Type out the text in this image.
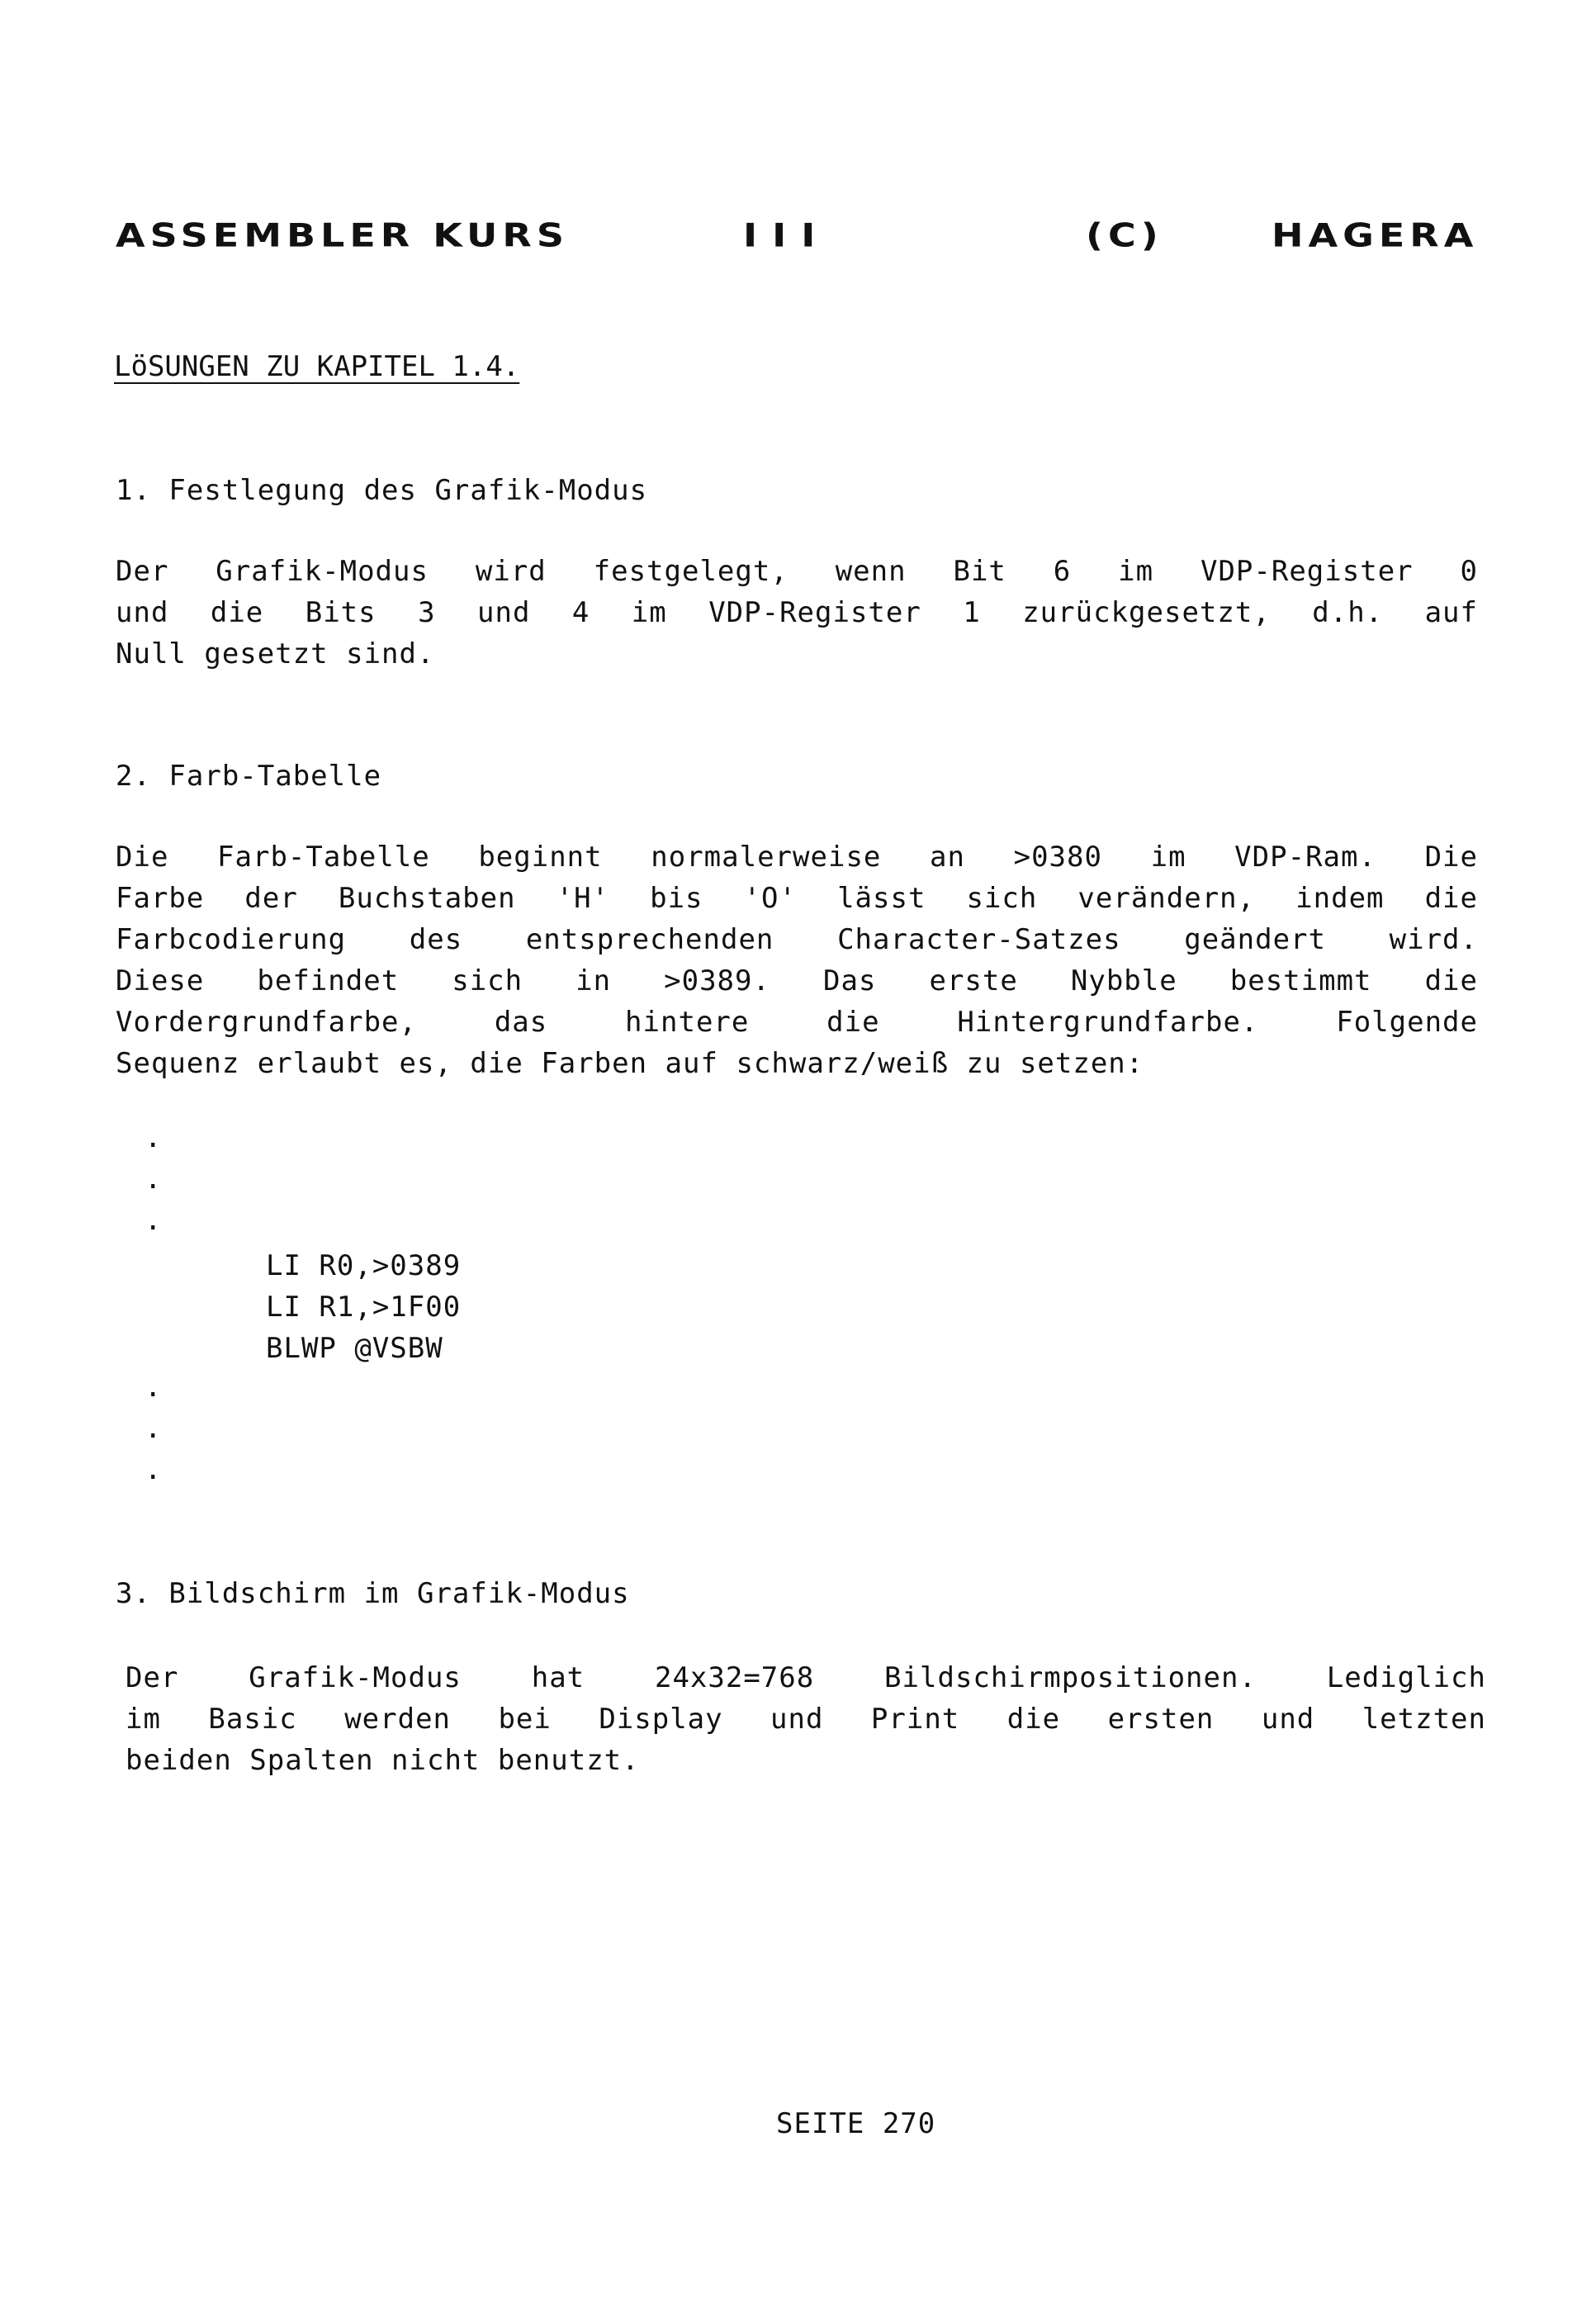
ASSEMBLER KURS	III	(C)	HAGERA
LöSUNGEN ZU KAPITEL 1.4.
1. Festlegung des Grafik-Modus
Der Grafik-Modus wird festgelegt, wenn Bit 6 im VDP-Register 0
und die Bits 3 und 4 im VDP-Register 1 zurückgesetzt, d.h. auf
Null gesetzt sind.
2. Farb-Tabelle
Die Farb-Tabelle beginnt normalerweise an >0380 im VDP-Ram. Die
Farbe der Buchstaben 'H' bis 'O' lässt sich verändern, indem die
Farbcodierung des entsprechenden Character-Satzes geändert wird.
Diese befindet sich in >0389. Das erste Nybble bestimmt die
Vordergrundfarbe, das hintere die Hintergrundfarbe. Folgende
Sequenz erlaubt es, die Farben auf schwarz/weiß zu setzen:
.
.
.
LI R0,>0389
LI R1,>1F00
BLWP @VSBW
.
.
.
3. Bildschirm im Grafik-Modus
Der Grafik-Modus hat 24x32=768 Bildschirmpositionen. Lediglich
im Basic werden bei Display und Print die ersten und letzten
beiden Spalten nicht benutzt.
SEITE 270
